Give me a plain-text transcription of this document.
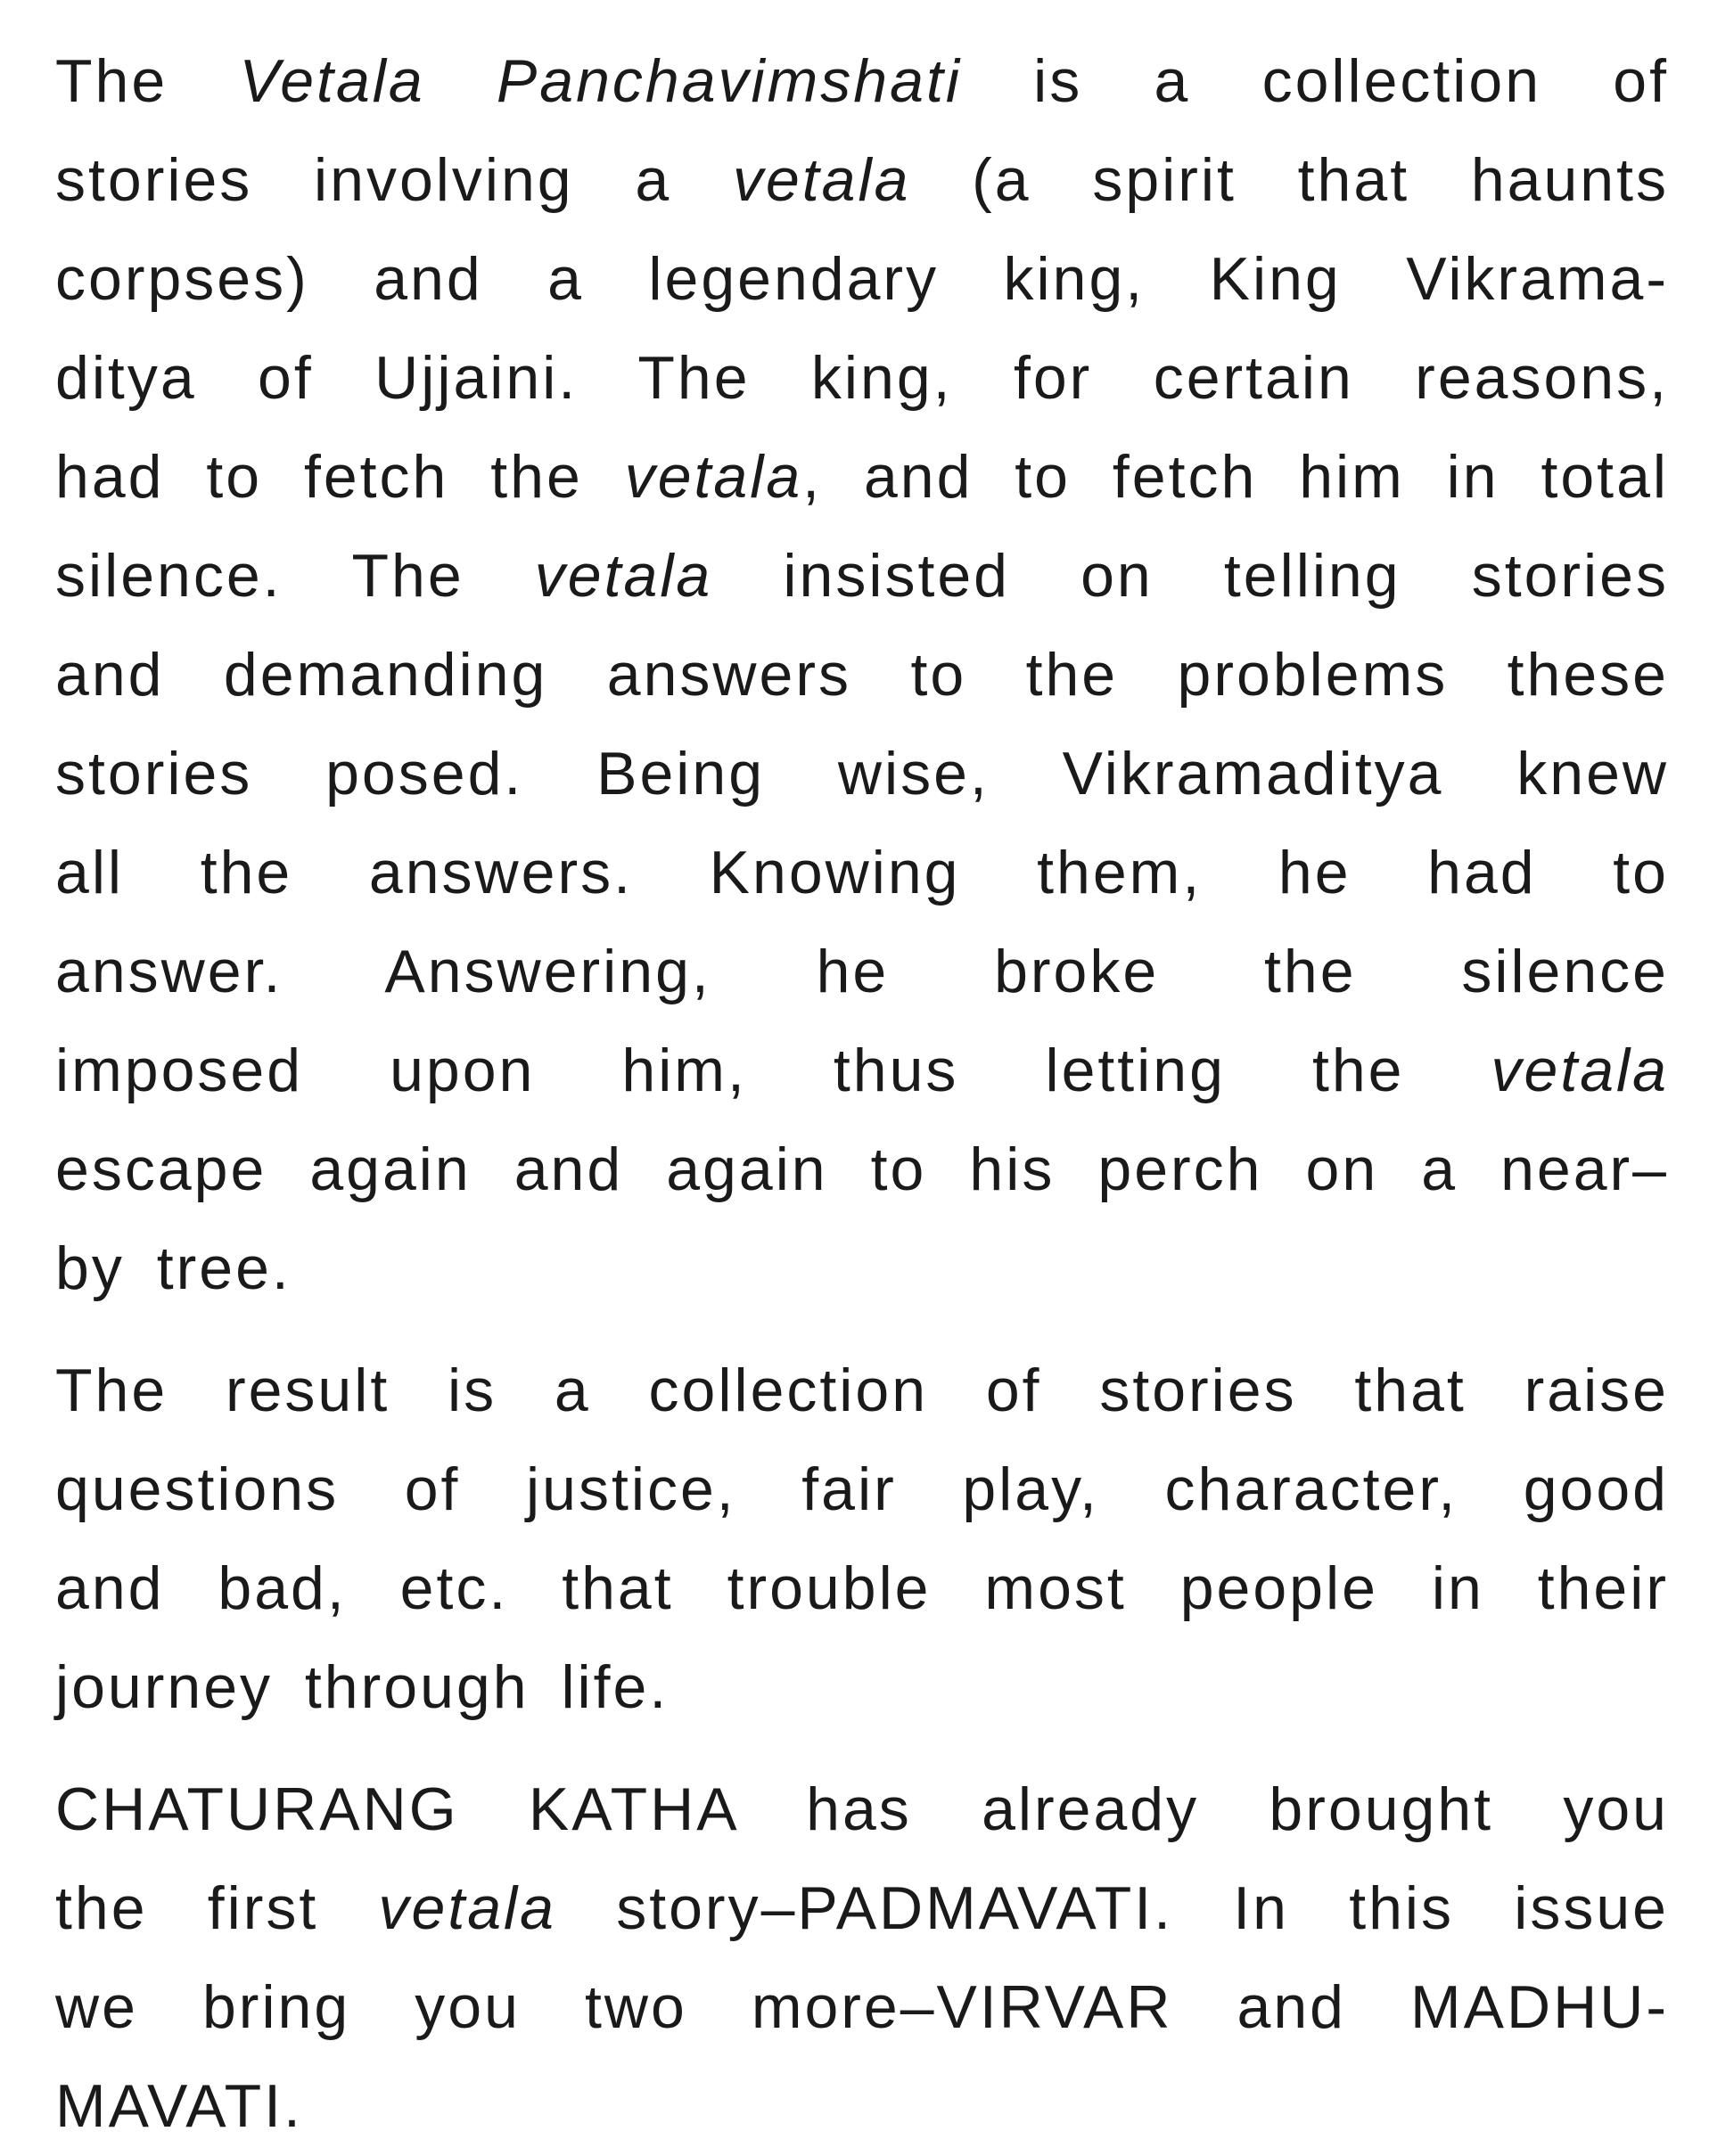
The Vetala Panchavimshati is a collection of
stories involving a vetala (a spirit that haunts
corpses) and a legendary king, King Vikrama-
ditya of Ujjaini. The king, for certain reasons,
had to fetch the vetala, and to fetch him in total
silence. The vetala insisted on telling stories
and demanding answers to the problems these
stories posed. Being wise, Vikramaditya knew
all the answers. Knowing them, he had to
answer. Answering, he broke the silence
imposed upon him, thus letting the vetala
escape again and again to his perch on a near–
by tree.

The result is a collection of stories that raise
questions of justice, fair play, character, good
and bad, etc. that trouble most people in their
journey through life.

CHATURANG KATHA has already brought you
the first vetala story–PADMAVATI. In this issue
we bring you two more–VIRVAR and MADHU-
MAVATI.
